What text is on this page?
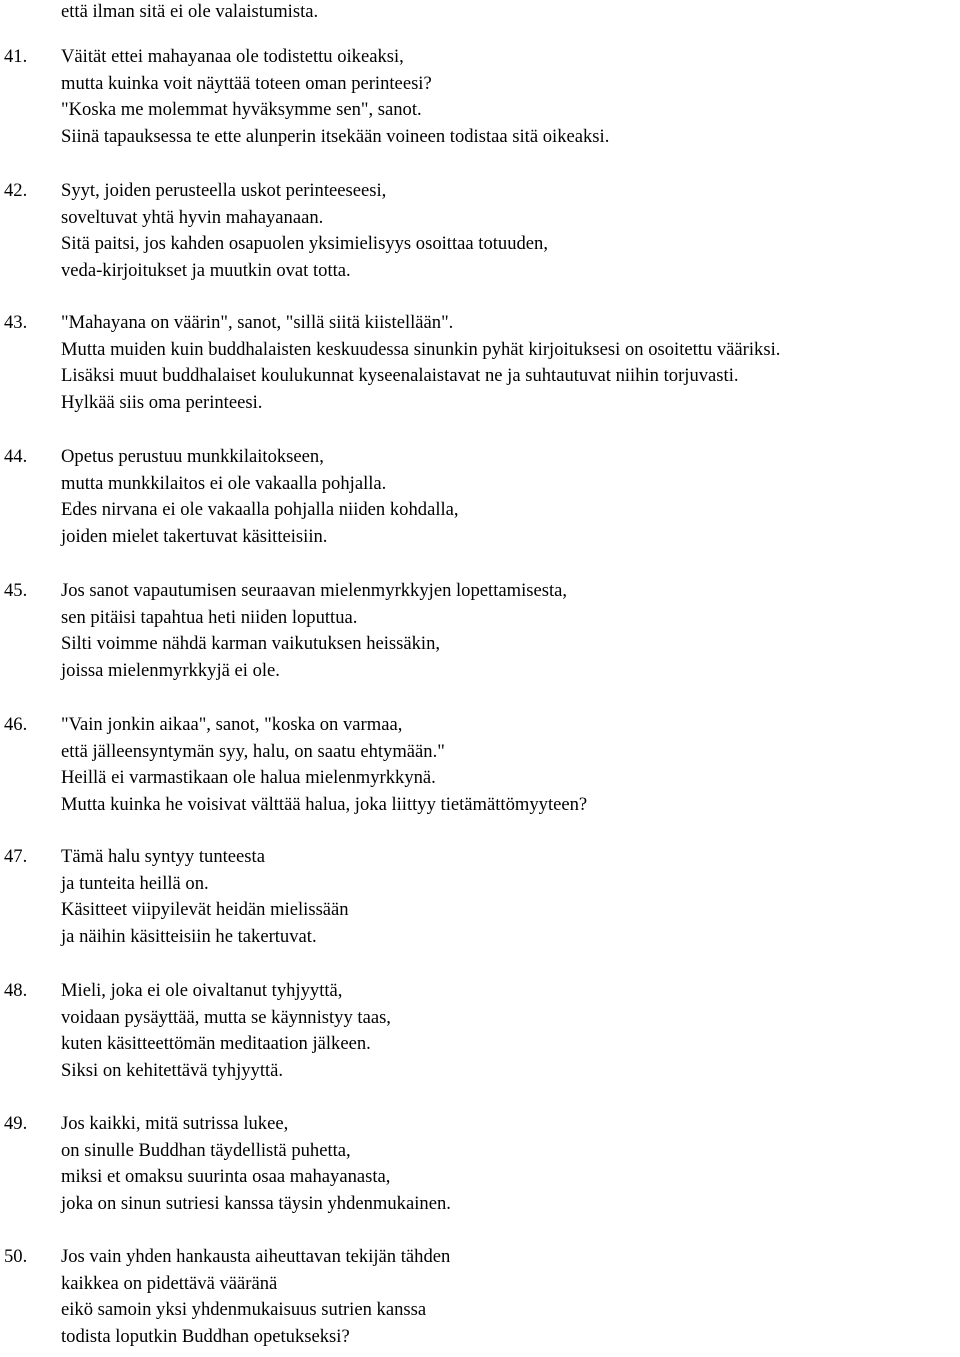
että ilman sitä ei ole valaistumista.

41. Väität ettei mahayanaa ole todistettu oikeaksi,

mutta kuinka voit näyttää toteen oman perinteesi?

"Koska me molemmat hyväksymme sen", sanot.

Siinä tapauksessa te ette alunperin itsekään voineen todistaa sitä oikeaksi.

42. Syyt, joiden perusteella uskot perinteeseesi,

soveltuvat yhtä hyvin mahayanaan.

Sitä paitsi, jos kahden osapuolen yksimielisyys osoittaa totuuden,

veda-kirjoitukset ja muutkin ovat totta.

43. "Mahayana on väärin", sanot, "sillä siitä kiistellään".

Mutta muiden kuin buddhalaisten keskuudessa sinunkin pyhät kirjoituksesi on osoitettu vääriksi.

Lisäksi muut buddhalaiset koulukunnat kyseenalaistavat ne ja suhtautuvat niihin torjuvasti.

Hylkää siis oma perinteesi.

44. Opetus perustuu munkkilaitokseen,

mutta munkkilaitos ei ole vakaalla pohjalla.

Edes nirvana ei ole vakaalla pohjalla niiden kohdalla,

joiden mielet takertuvat käsitteisiin.

45. Jos sanot vapautumisen seuraavan mielenmyrkkyjen lopettamisesta,

sen pitäisi tapahtua heti niiden loputtua.

Silti voimme nähdä karman vaikutuksen heissäkin,

joissa mielenmyrkkyjä ei ole.

46. "Vain jonkin aikaa", sanot, "koska on varmaa,

että jälleensyntymän syy, halu, on saatu ehtymään."

Heillä ei varmastikaan ole halua mielenmyrkkynä.

Mutta kuinka he voisivat välttää halua, joka liittyy tietämättömyyteen?

47. Tämä halu syntyy tunteesta

ja tunteita heillä on.

Käsitteet viipyilevät heidän mielissään

ja näihin käsitteisiin he takertuvat.

48. Mieli, joka ei ole oivaltanut tyhjyyttä,

voidaan pysäyttää, mutta se käynnistyy taas,

kuten käsitteettömän meditaation jälkeen.

Siksi on kehitettävä tyhjyyttä.

49. Jos kaikki, mitä sutrissa lukee,

on sinulle Buddhan täydellistä puhetta,

miksi et omaksu suurinta osaa mahayanasta,

joka on sinun sutriesi kanssa täysin yhdenmukainen.

50. Jos vain yhden hankausta aiheuttavan tekijän tähden

kaikkea on pidettävä vääränä

eikö samoin yksi yhdenmukaisuus sutrien kanssa

todista loputkin Buddhan opetukseksi?
